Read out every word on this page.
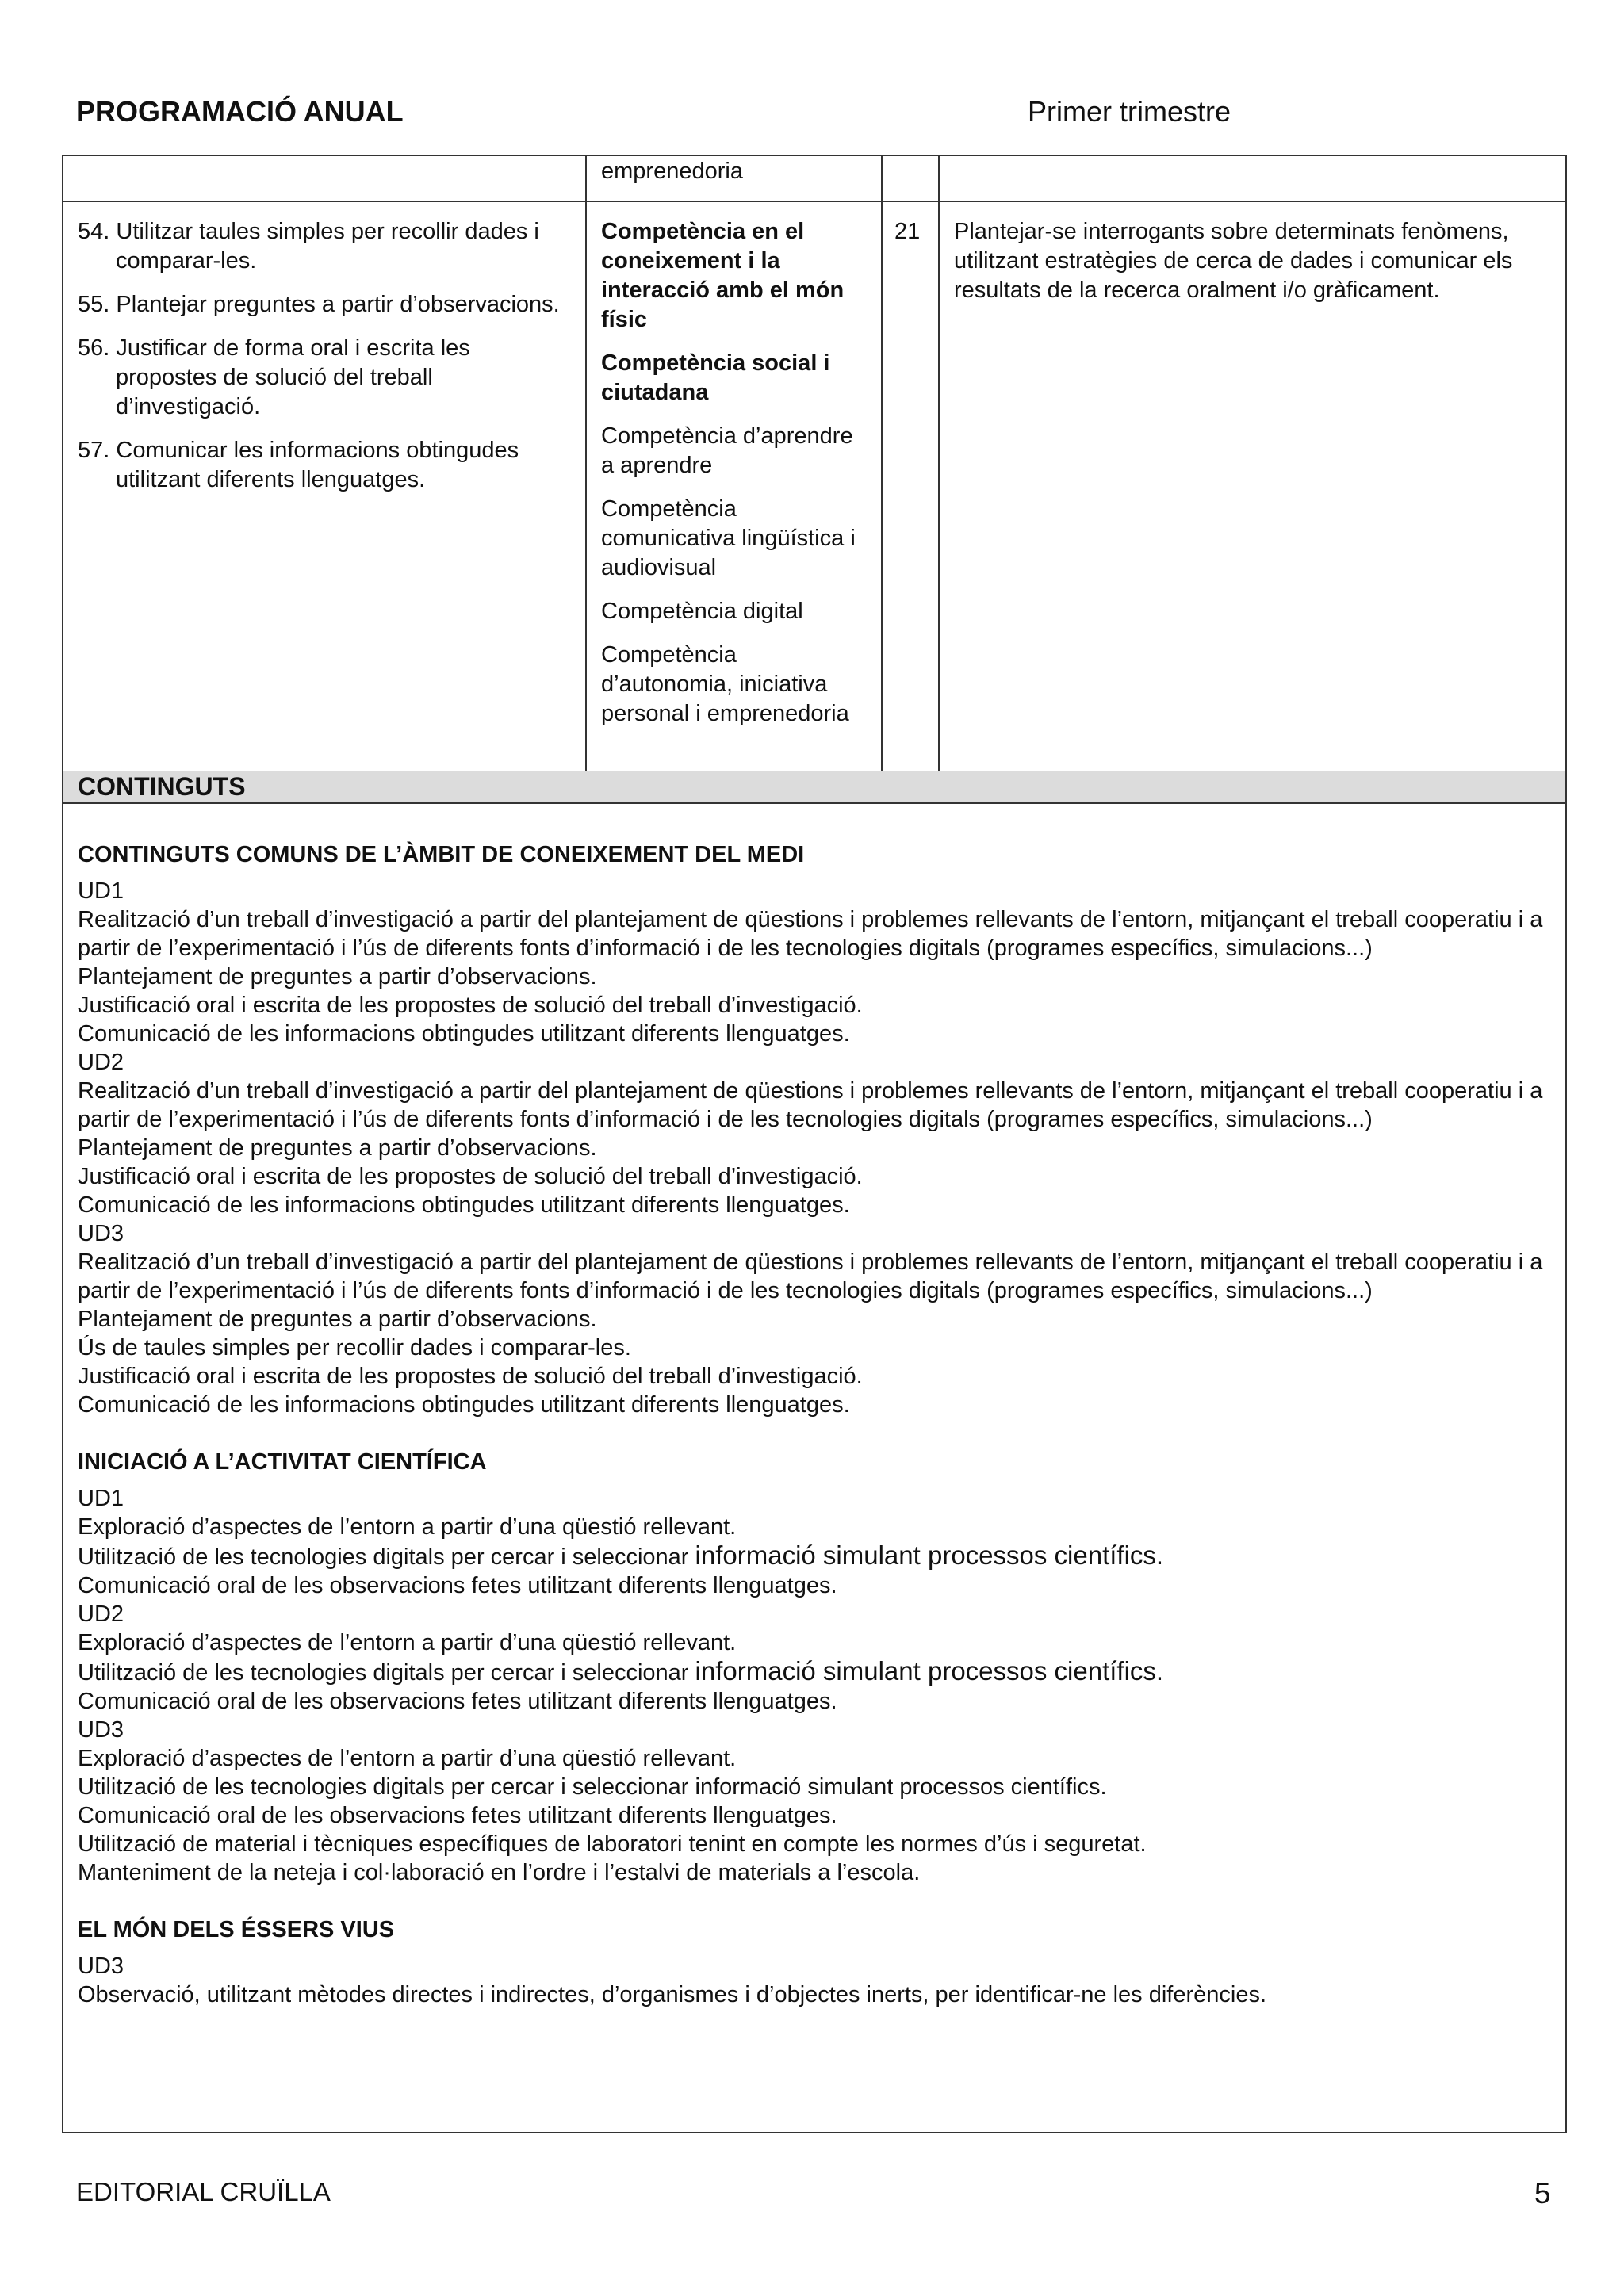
PROGRAMACIÓ ANUAL	Primer trimestre
emprenedoria

54. Utilitzar taules simples per recollir dades i comparar-les.

55. Plantejar preguntes a partir d’observacions.

56. Justificar de forma oral i escrita les propostes de solució del treball d’investigació.

57. Comunicar les informacions obtingudes utilitzant diferents llenguatges.

Competència en el coneixement i la interacció amb el món físic

Competència social i ciutadana

Competència d’aprendre a aprendre

Competència comunicativa lingüística i audiovisual

Competència digital

Competència d’autonomia, iniciativa personal i emprenedoria

21 Plantejar-se interrogants sobre determinats fenòmens, utilitzant estratègies de cerca de dades i comunicar els resultats de la recerca oralment i/o gràficament.
CONTINGUTS
CONTINGUTS COMUNS DE L’ÀMBIT DE CONEIXEMENT DEL MEDI
UD1
Realització d’un treball d’investigació a partir del plantejament de qüestions i problemes rellevants de l’entorn, mitjançant el treball cooperatiu i a partir de l’experimentació i l’ús de diferents fonts d’informació i de les tecnologies digitals (programes específics, simulacions...)
Plantejament de preguntes a partir d’observacions.
Justificació oral i escrita de les propostes de solució del treball d’investigació.
Comunicació de les informacions obtingudes utilitzant diferents llenguatges.
UD2
Realització d’un treball d’investigació a partir del plantejament de qüestions i problemes rellevants de l’entorn, mitjançant el treball cooperatiu i a partir de l’experimentació i l’ús de diferents fonts d’informació i de les tecnologies digitals (programes específics, simulacions...)
Plantejament de preguntes a partir d’observacions.
Justificació oral i escrita de les propostes de solució del treball d’investigació.
Comunicació de les informacions obtingudes utilitzant diferents llenguatges.
UD3
Realització d’un treball d’investigació a partir del plantejament de qüestions i problemes rellevants de l’entorn, mitjançant el treball cooperatiu i a partir de l’experimentació i l’ús de diferents fonts d’informació i de les tecnologies digitals (programes específics, simulacions...)
Plantejament de preguntes a partir d’observacions.
Ús de taules simples per recollir dades i comparar-les.
Justificació oral i escrita de les propostes de solució del treball d’investigació.
Comunicació de les informacions obtingudes utilitzant diferents llenguatges.
INICIACIÓ A L’ACTIVITAT CIENTÍFICA
UD1
Exploració d’aspectes de l’entorn a partir d’una qüestió rellevant.
Utilització de les tecnologies digitals per cercar i seleccionar informació simulant processos científics.
Comunicació oral de les observacions fetes utilitzant diferents llenguatges.
UD2
Exploració d’aspectes de l’entorn a partir d’una qüestió rellevant.
Utilització de les tecnologies digitals per cercar i seleccionar informació simulant processos científics.
Comunicació oral de les observacions fetes utilitzant diferents llenguatges.
UD3
Exploració d’aspectes de l’entorn a partir d’una qüestió rellevant.
Utilització de les tecnologies digitals per cercar i seleccionar informació simulant processos científics.
Comunicació oral de les observacions fetes utilitzant diferents llenguatges.
Utilització de material i tècniques específiques de laboratori tenint en compte les normes d’ús i seguretat.
Manteniment de la neteja i col·laboració en l’ordre i l’estalvi de materials a l’escola.
EL MÓN DELS ÉSSERS VIUS
UD3
Observació, utilitzant mètodes directes i indirectes, d’organismes i d’objectes inerts, per identificar-ne les diferències.
EDITORIAL CRUÏLLA	5
